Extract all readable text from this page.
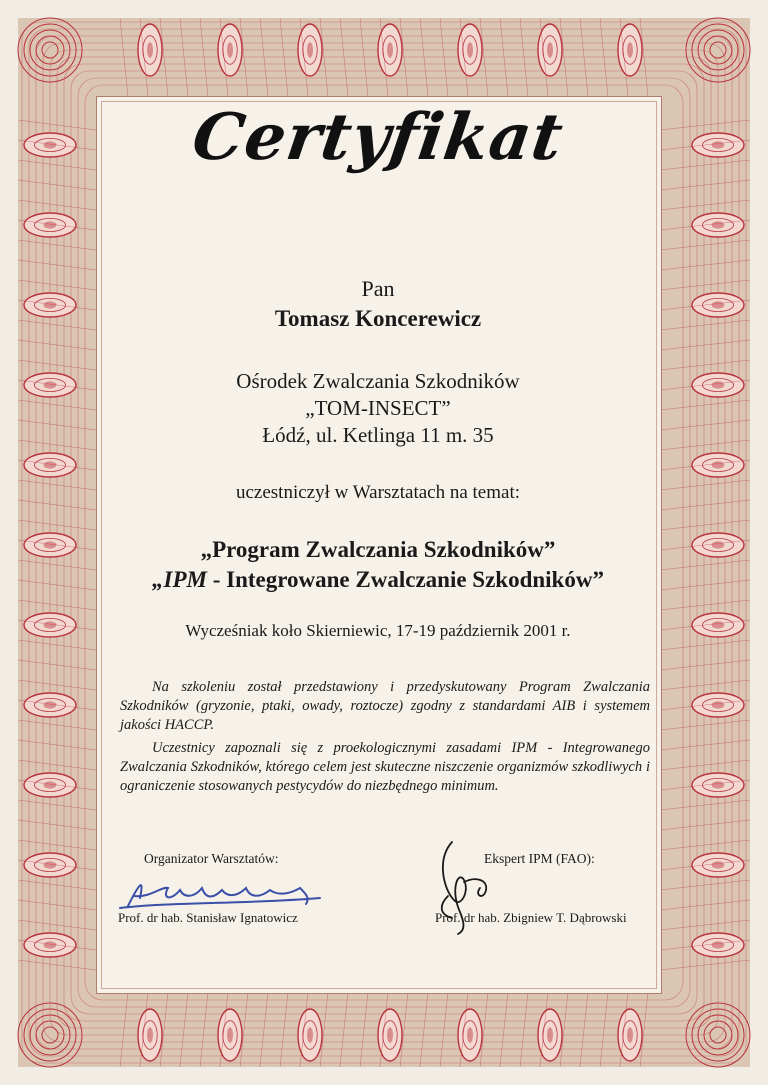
Certyfikat
Pan
Tomasz Koncerewicz
Ośrodek Zwalczania Szkodników
„TOM-INSECT”
Łódź, ul. Ketlinga 11 m. 35
uczestniczył w Warsztatach na temat:
„Program Zwalczania Szkodników”
„IPM - Integrowane Zwalczanie Szkodników”
Wycześniak koło Skierniewic, 17-19 październik 2001 r.
Na szkoleniu został przedstawiony i przedyskutowany Program Zwalczania Szkodników (gryzonie, ptaki, owady, roztocze) zgodny z standardami AIB i systemem jakości HACCP.
Uczestnicy zapoznali się z proekologicznymi zasadami IPM - Integrowanego Zwalczania Szkodników, którego celem jest skuteczne niszczenie organizmów szkodliwych i ograniczenie stosowanych pestycydów do niezbędnego minimum.
Organizator Warsztatów:	Ekspert IPM (FAO):
Prof. dr hab. Stanisław Ignatowicz	Prof. dr hab. Zbigniew T. Dąbrowski
